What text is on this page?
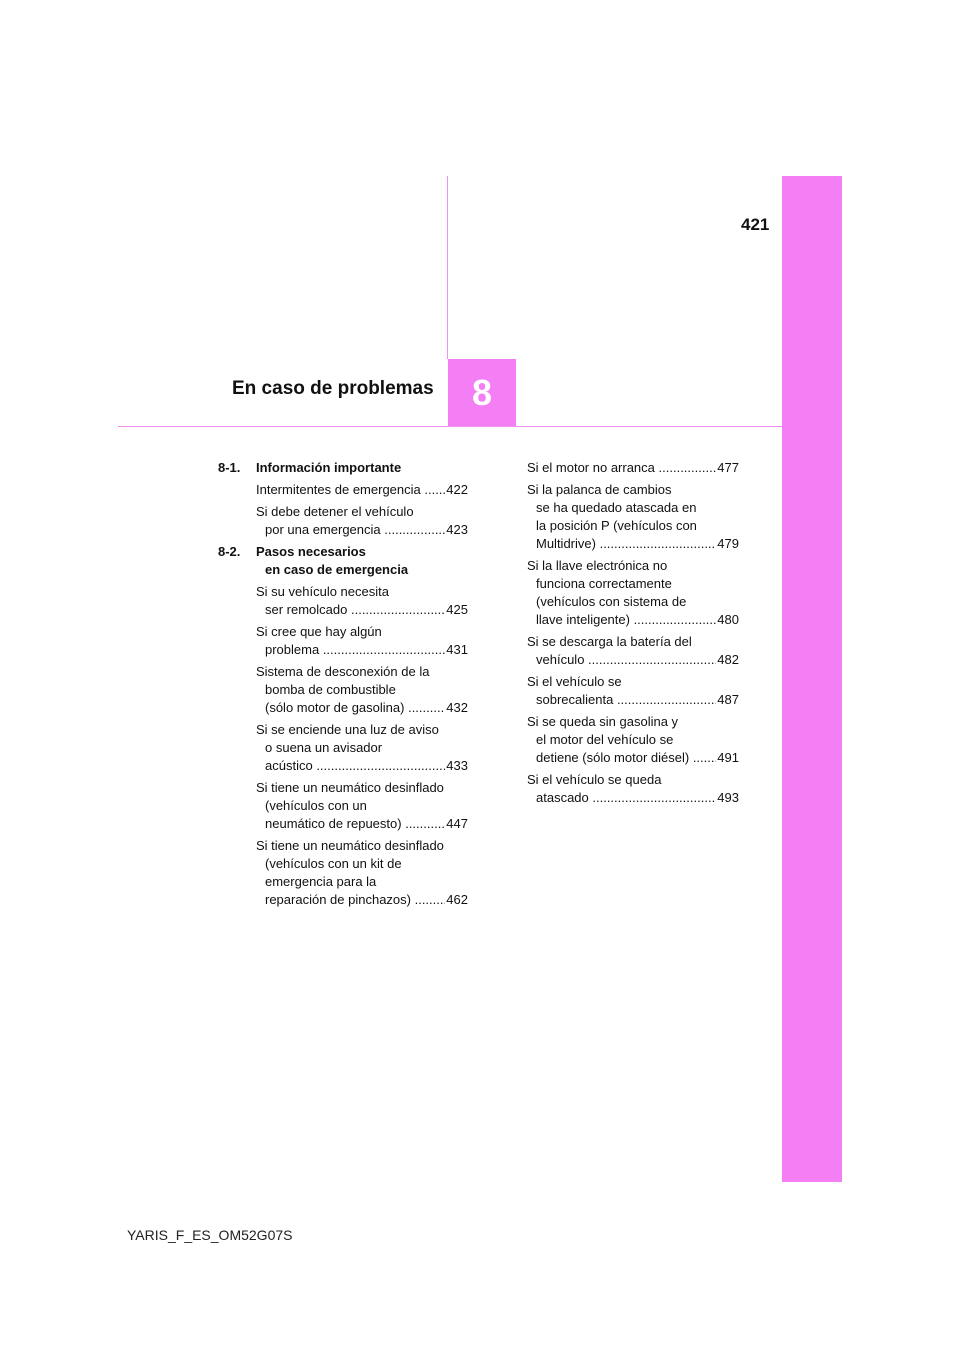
421
En caso de problemas 8
8-1. Información importante
Intermitentes de emergencia .....	422
Si debe detener el vehículo
por una emergencia .....	423
8-2. Pasos necesarios
en caso de emergencia
Si su vehículo necesita
ser remolcado .....	425
Si cree que hay algún
problema .....	431
Sistema de desconexión de la
bomba de combustible
(sólo motor de gasolina) .....	432
Si se enciende una luz de aviso
o suena un avisador
acústico .....	433
Si tiene un neumático desinflado
(vehículos con un
neumático de repuesto) .....	447
Si tiene un neumático desinflado
(vehículos con un kit de
emergencia para la
reparación de pinchazos) .....	462
Si el motor no arranca .....	477
Si la palanca de cambios
se ha quedado atascada en
la posición P (vehículos con
Multidrive) .....	479
Si la llave electrónica no
funciona correctamente
(vehículos con sistema de
llave inteligente) .....	480
Si se descarga la batería del
vehículo .....	482
Si el vehículo se
sobrecalienta .....	487
Si se queda sin gasolina y
el motor del vehículo se
detiene (sólo motor diésel) .....	491
Si el vehículo se queda
atascado .....	493
YARIS_F_ES_OM52G07S
